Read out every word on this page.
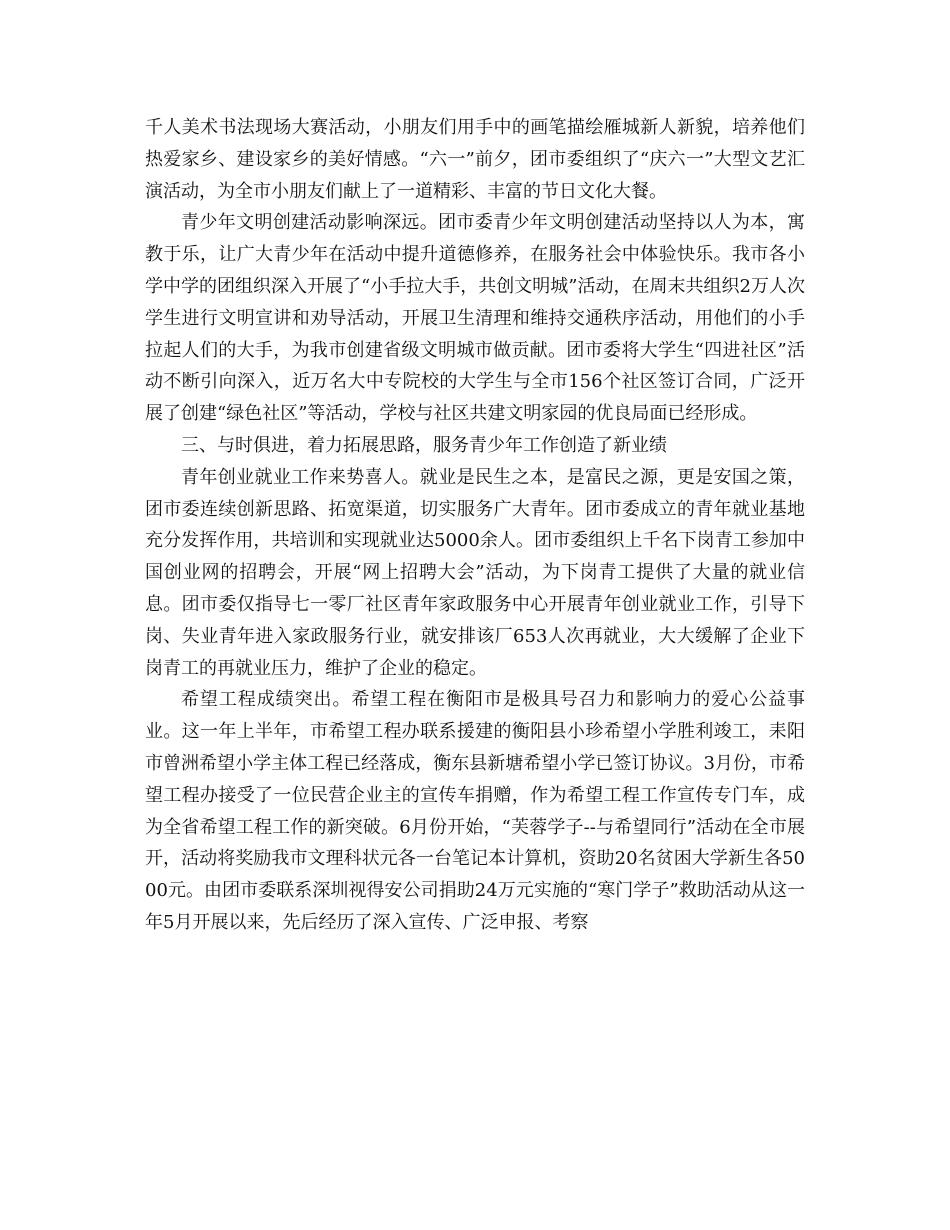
千人美术书法现场大赛活动，小朋友们用手中的画笔描绘雁城新人新貌，培养他们热爱家乡、建设家乡的美好情感。“六一”前夕，团市委组织了“庆六一”大型文艺汇演活动，为全市小朋友们献上了一道精彩、丰富的节日文化大餐。

青少年文明创建活动影响深远。团市委青少年文明创建活动坚持以人为本，寓教于乐，让广大青少年在活动中提升道德修养，在服务社会中体验快乐。我市各小学中学的团组织深入开展了“小手拉大手，共创文明城”活动，在周末共组织2万人次学生进行文明宣讲和劝导活动，开展卫生清理和维持交通秩序活动，用他们的小手拉起人们的大手，为我市创建省级文明城市做贡献。团市委将大学生“四进社区”活动不断引向深入，近万名大中专院校的大学生与全市156个社区签订合同，广泛开展了创建“绿色社区”等活动，学校与社区共建文明家园的优良局面已经形成。

三、与时俱进，着力拓展思路，服务青少年工作创造了新业绩

青年创业就业工作来势喜人。就业是民生之本，是富民之源，更是安国之策，团市委连续创新思路、拓宽渠道，切实服务广大青年。团市委成立的青年就业基地充分发挥作用，共培训和实现就业达5000余人。团市委组织上千名下岗青工参加中国创业网的招聘会，开展“网上招聘大会”活动，为下岗青工提供了大量的就业信息。团市委仅指导七一零厂社区青年家政服务中心开展青年创业就业工作，引导下岗、失业青年进入家政服务行业，就安排该厂653人次再就业，大大缓解了企业下岗青工的再就业压力，维护了企业的稳定。

希望工程成绩突出。希望工程在衡阳市是极具号召力和影响力的爱心公益事业。这一年上半年，市希望工程办联系援建的衡阳县小珍希望小学胜利竣工，耒阳市曾洲希望小学主体工程已经落成，衡东县新塘希望小学已签订协议。3月份，市希望工程办接受了一位民营企业主的宣传车捐赠，作为希望工程工作宣传专门车，成为全省希望工程工作的新突破。6月份开始，“芙蓉学子--与希望同行”活动在全市展开，活动将奖励我市文理科状元各一台笔记本计算机，资助20名贫困大学新生各5000元。由团市委联系深圳视得安公司捐助24万元实施的“寒门学子”救助活动从这一年5月开展以来，先后经历了深入宣传、广泛申报、考察
